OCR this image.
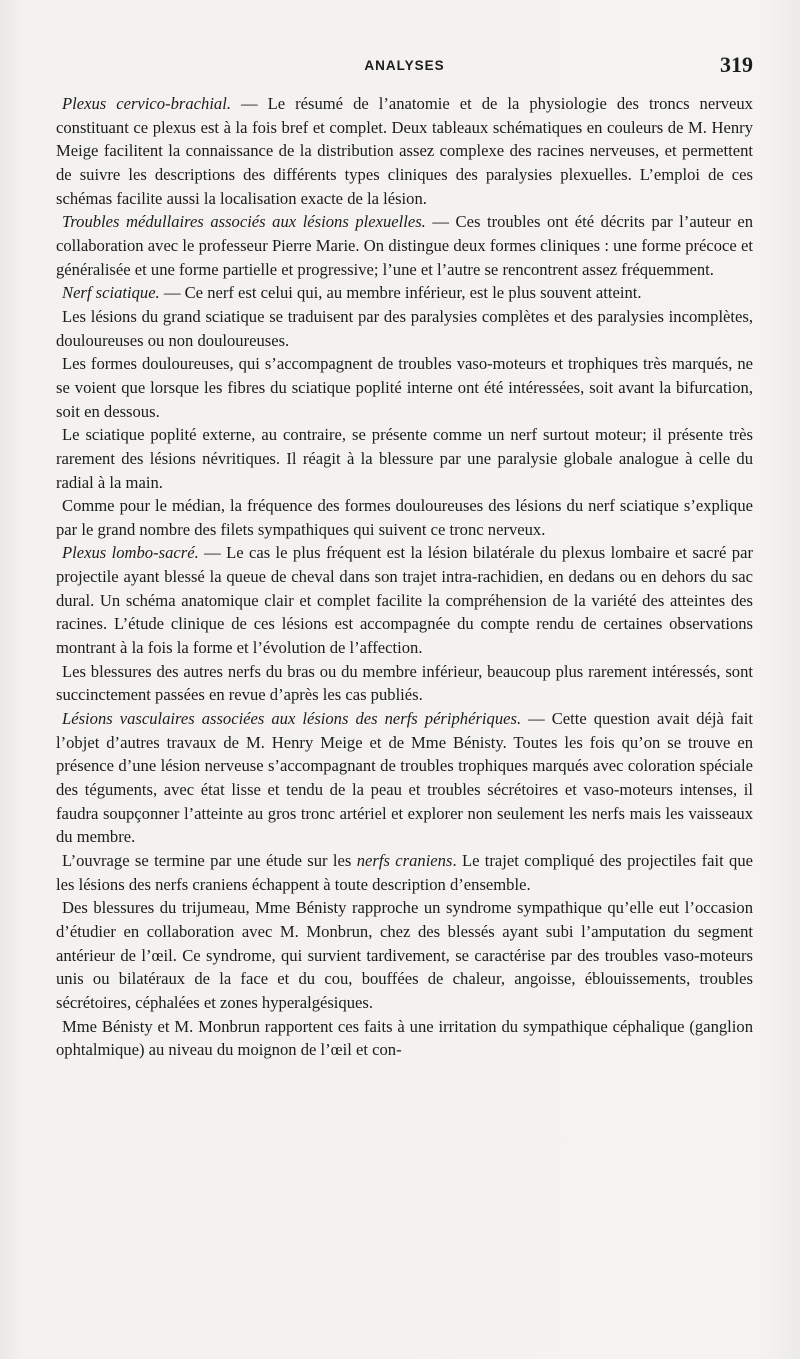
ANALYSES	319

Plexus cervico-brachial. — Le résumé de l’anatomie et de la physiologie des troncs nerveux constituant ce plexus est à la fois bref et complet. Deux tableaux schématiques en couleurs de M. Henry Meige facilitent la connaissance de la distribution assez complexe des racines nerveuses, et permettent de suivre les descriptions des différents types cliniques des paralysies plexuelles. L’emploi de ces schémas facilite aussi la localisation exacte de la lésion.

Troubles médullaires associés aux lésions plexuelles. — Ces troubles ont été décrits par l’auteur en collaboration avec le professeur Pierre Marie. On distingue deux formes cliniques : une forme précoce et généralisée et une forme partielle et progressive; l’une et l’autre se rencontrent assez fréquemment.

Nerf sciatique. — Ce nerf est celui qui, au membre inférieur, est le plus souvent atteint.

Les lésions du grand sciatique se traduisent par des paralysies complètes et des paralysies incomplètes, douloureuses ou non douloureuses.

Les formes douloureuses, qui s’accompagnent de troubles vaso-moteurs et trophiques très marqués, ne se voient que lorsque les fibres du sciatique poplité interne ont été intéressées, soit avant la bifurcation, soit en dessous.

Le sciatique poplité externe, au contraire, se présente comme un nerf surtout moteur; il présente très rarement des lésions névritiques. Il réagit à la blessure par une paralysie globale analogue à celle du radial à la main.

Comme pour le médian, la fréquence des formes douloureuses des lésions du nerf sciatique s’explique par le grand nombre des filets sympathiques qui suivent ce tronc nerveux.

Plexus lombo-sacré. — Le cas le plus fréquent est la lésion bilatérale du plexus lombaire et sacré par projectile ayant blessé la queue de cheval dans son trajet intra-rachidien, en dedans ou en dehors du sac dural. Un schéma anatomique clair et complet facilite la compréhension de la variété des atteintes des racines. L’étude clinique de ces lésions est accompagnée du compte rendu de certaines observations montrant à la fois la forme et l’évolution de l’affection.

Les blessures des autres nerfs du bras ou du membre inférieur, beaucoup plus rarement intéressés, sont succinctement passées en revue d’après les cas publiés.

Lésions vasculaires associées aux lésions des nerfs périphériques. — Cette question avait déjà fait l’objet d’autres travaux de M. Henry Meige et de Mme Bénisty. Toutes les fois qu’on se trouve en présence d’une lésion nerveuse s’accompagnant de troubles trophiques marqués avec coloration spéciale des téguments, avec état lisse et tendu de la peau et troubles sécrétoires et vaso-moteurs intenses, il faudra soupçonner l’atteinte au gros tronc artériel et explorer non seulement les nerfs mais les vaisseaux du membre.

L’ouvrage se termine par une étude sur les nerfs craniens. Le trajet compliqué des projectiles fait que les lésions des nerfs craniens échappent à toute description d’ensemble.

Des blessures du trijumeau, Mme Bénisty rapproche un syndrome sympathique qu’elle eut l’occasion d’étudier en collaboration avec M. Monbrun, chez des blessés ayant subi l’amputation du segment antérieur de l’œil. Ce syndrome, qui survient tardivement, se caractérise par des troubles vaso-moteurs unis ou bilatéraux de la face et du cou, bouffées de chaleur, angoisse, éblouissements, troubles sécrétoires, céphalées et zones hyperalgésiques.

Mme Bénisty et M. Monbrun rapportent ces faits à une irritation du sympathique céphalique (ganglion ophtalmique) au niveau du moignon de l’œil et con-
